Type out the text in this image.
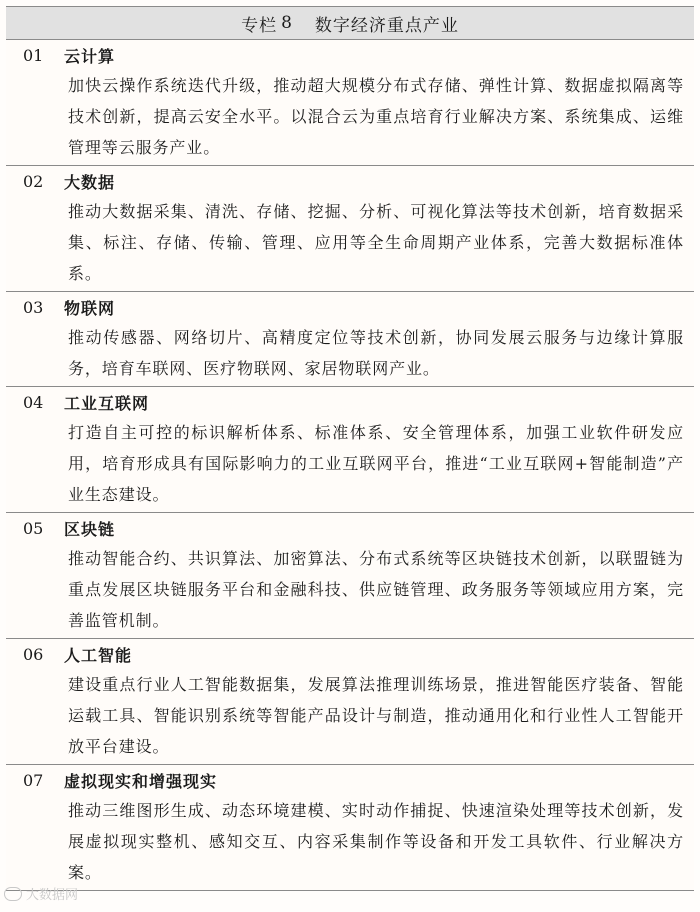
专栏 8 数字经济重点产业
01	云计算
加快云操作系统迭代升级，推动超大规模分布式存储、弹性计算、数据虚拟隔离等技术创新，提高云安全水平。以混合云为重点培育行业解决方案、系统集成、运维管理等云服务产业。
02	大数据
推动大数据采集、清洗、存储、挖掘、分析、可视化算法等技术创新，培育数据采集、标注、存储、传输、管理、应用等全生命周期产业体系，完善大数据标准体系。
03	物联网
推动传感器、网络切片、高精度定位等技术创新，协同发展云服务与边缘计算服务，培育车联网、医疗物联网、家居物联网产业。
04	工业互联网
打造自主可控的标识解析体系、标准体系、安全管理体系，加强工业软件研发应用，培育形成具有国际影响力的工业互联网平台，推进“工业互联网+智能制造”产业生态建设。
05	区块链
推动智能合约、共识算法、加密算法、分布式系统等区块链技术创新，以联盟链为重点发展区块链服务平台和金融科技、供应链管理、政务服务等领域应用方案，完善监管机制。
06	人工智能
建设重点行业人工智能数据集，发展算法推理训练场景，推进智能医疗装备、智能运载工具、智能识别系统等智能产品设计与制造，推动通用化和行业性人工智能开放平台建设。
07	虚拟现实和增强现实
推动三维图形生成、动态环境建模、实时动作捕捉、快速渲染处理等技术创新，发展虚拟现实整机、感知交互、内容采集制作等设备和开发工具软件、行业解决方案。
大数据网
